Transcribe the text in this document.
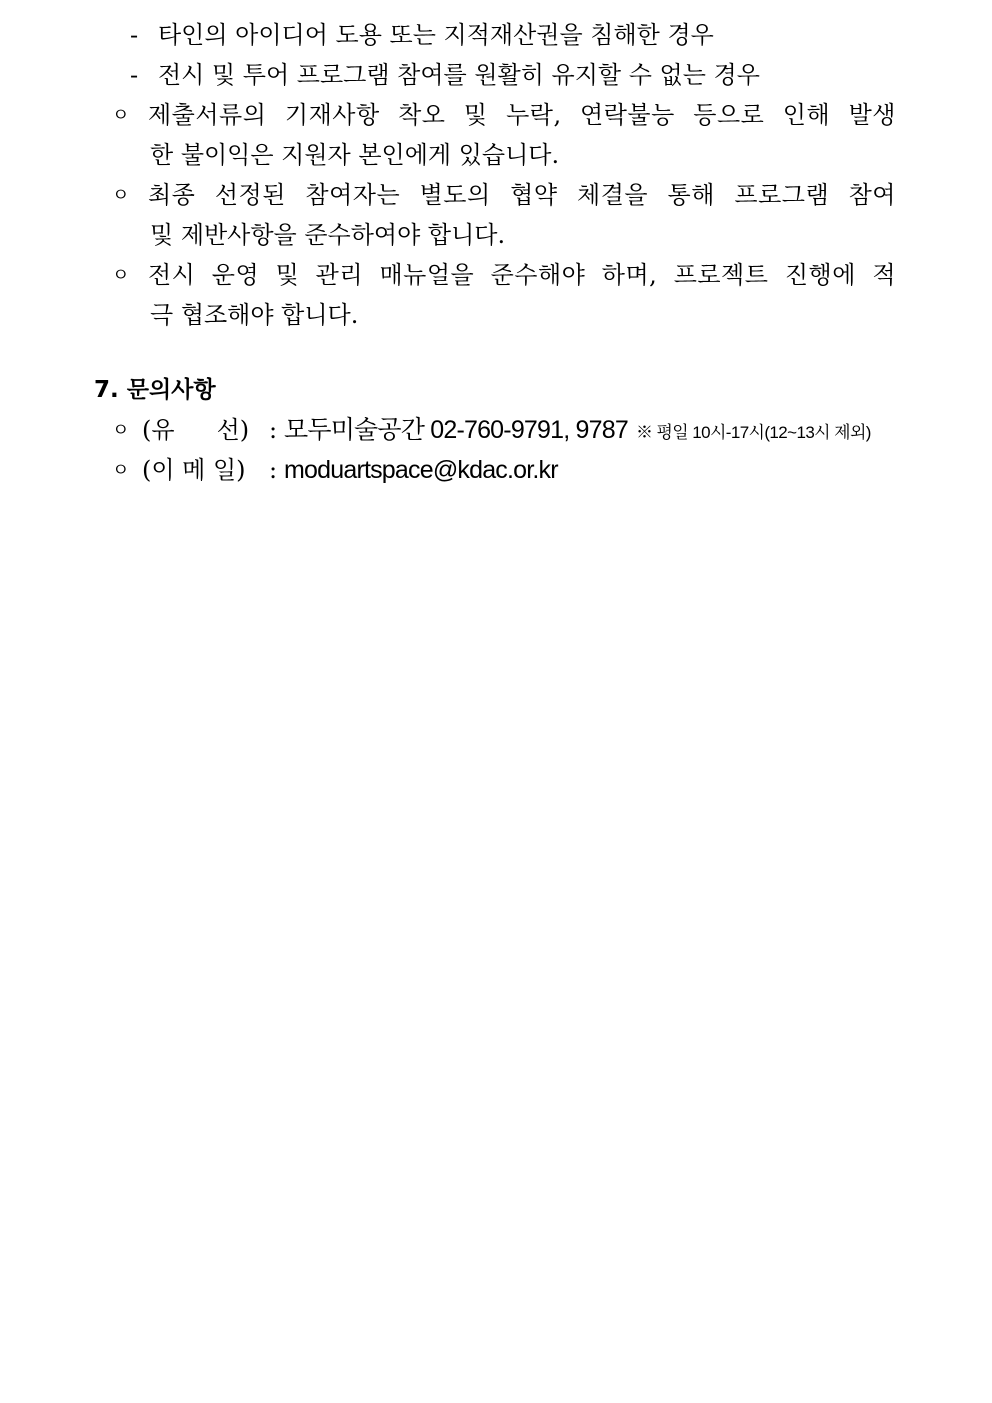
- 타인의 아이디어 도용 또는 지적재산권을 침해한 경우
- 전시 및 투어 프로그램 참여를 원활히 유지할 수 없는 경우
ㅇ 제출서류의 기재사항 착오 및 누락, 연락불능 등으로 인해 발생
한 불이익은 지원자 본인에게 있습니다.
ㅇ 최종 선정된 참여자는 별도의 협약 체결을 통해 프로그램 참여
및 제반사항을 준수하여야 합니다.
ㅇ 전시 운영 및 관리 매뉴얼을 준수해야 하며, 프로젝트 진행에 적
극 협조해야 합니다.
7. 문의사항
ㅇ (유 선) : 모두미술공간 02-760-9791, 9787 ※ 평일 10시-17시(12~13시 제외)
ㅇ (이 메 일) : moduartspace@kdac.or.kr
